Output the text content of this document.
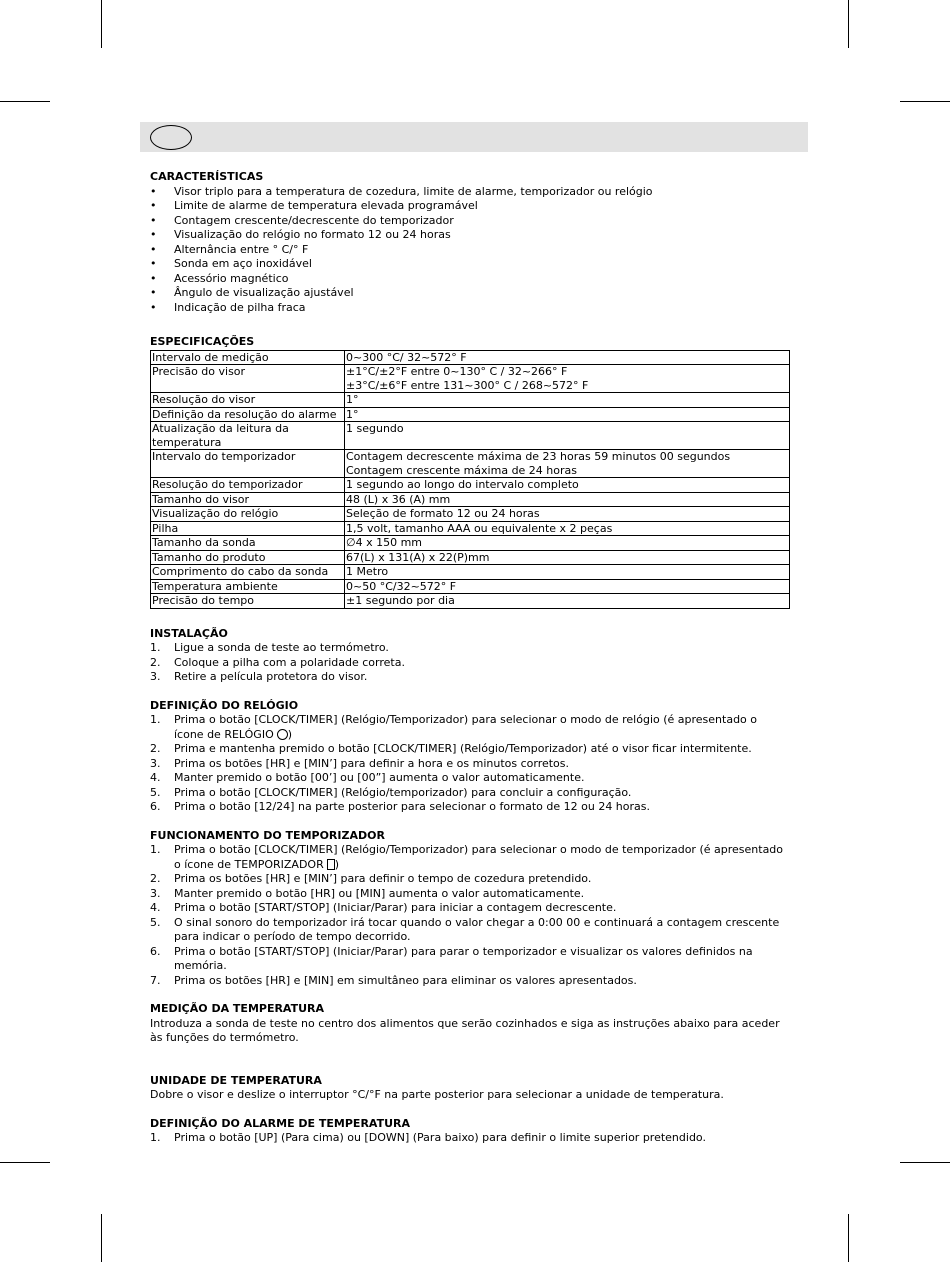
CARACTERÍSTICAS

• Visor triplo para a temperatura de cozedura, limite de alarme, temporizador ou relógio
• Limite de alarme de temperatura elevada programável
• Contagem crescente/decrescente do temporizador
• Visualização do relógio no formato 12 ou 24 horas
• Alternância entre ° C/° F
• Sonda em aço inoxidável
• Acessório magnético
• Ângulo de visualização ajustável
• Indicação de pilha fraca

ESPECIFICAÇÕES

Intervalo de medição	0~300 °C/ 32~572° F
Precisão do visor	±1°C/±2°F entre 0~130° C / 32~266° F
±3°C/±6°F entre 131~300° C / 268~572° F

Resolução do visor	1°
Definição da resolução do alarme	1°
Atualização da leitura da temperatura	1 segundo
Intervalo do temporizador	Contagem decrescente máxima de 23 horas 59 minutos 00 segundos
Contagem crescente máxima de 24 horas

Resolução do temporizador	1 segundo ao longo do intervalo completo
Tamanho do visor	48 (L) x 36 (A) mm
Visualização do relógio	Seleção de formato 12 ou 24 horas
Pilha	1,5 volt, tamanho AAA ou equivalente x 2 peças
Tamanho da sonda	∅4 x 150 mm
Tamanho do produto	67(L) x 131(A) x 22(P)mm
Comprimento do cabo da sonda	1 Metro
Temperatura ambiente	0~50 °C/32~572° F
Precisão do tempo	±1 segundo por dia

INSTALAÇÃO

1. Ligue a sonda de teste ao termómetro.
2. Coloque a pilha com a polaridade correta.
3. Retire a película protetora do visor.

DEFINIÇÃO DO RELÓGIO

1. Prima o botão [CLOCK/TIMER] (Relógio/Temporizador) para selecionar o modo de relógio (é apresentado o ícone de RELÓGIO )
2. Prima e mantenha premido o botão [CLOCK/TIMER] (Relógio/Temporizador) até o visor ficar intermitente.
3. Prima os botões [HR] e [MIN’] para definir a hora e os minutos corretos.
4. Manter premido o botão [00’] ou [00”] aumenta o valor automaticamente.
5. Prima o botão [CLOCK/TIMER] (Relógio/temporizador) para concluir a configuração.
6. Prima o botão [12/24] na parte posterior para selecionar o formato de 12 ou 24 horas.

FUNCIONAMENTO DO TEMPORIZADOR

1. Prima o botão [CLOCK/TIMER] (Relógio/Temporizador) para selecionar o modo de temporizador (é apresentado o ícone de TEMPORIZADOR )
2. Prima os botões [HR] e [MIN’] para definir o tempo de cozedura pretendido.
3. Manter premido o botão [HR] ou [MIN] aumenta o valor automaticamente.
4. Prima o botão [START/STOP] (Iniciar/Parar) para iniciar a contagem decrescente.
5. O sinal sonoro do temporizador irá tocar quando o valor chegar a 0:00 00 e continuará a contagem crescente para indicar o período de tempo decorrido.
6. Prima o botão [START/STOP] (Iniciar/Parar) para parar o temporizador e visualizar os valores definidos na memória.
7. Prima os botões [HR] e [MIN] em simultâneo para eliminar os valores apresentados.

MEDIÇÃO DA TEMPERATURA

Introduza a sonda de teste no centro dos alimentos que serão cozinhados e siga as instruções abaixo para aceder às funções do termómetro.

UNIDADE DE TEMPERATURA

Dobre o visor e deslize o interruptor °C/°F na parte posterior para selecionar a unidade de temperatura.

DEFINIÇÃO DO ALARME DE TEMPERATURA

1. Prima o botão [UP] (Para cima) ou [DOWN] (Para baixo) para definir o limite superior pretendido.
